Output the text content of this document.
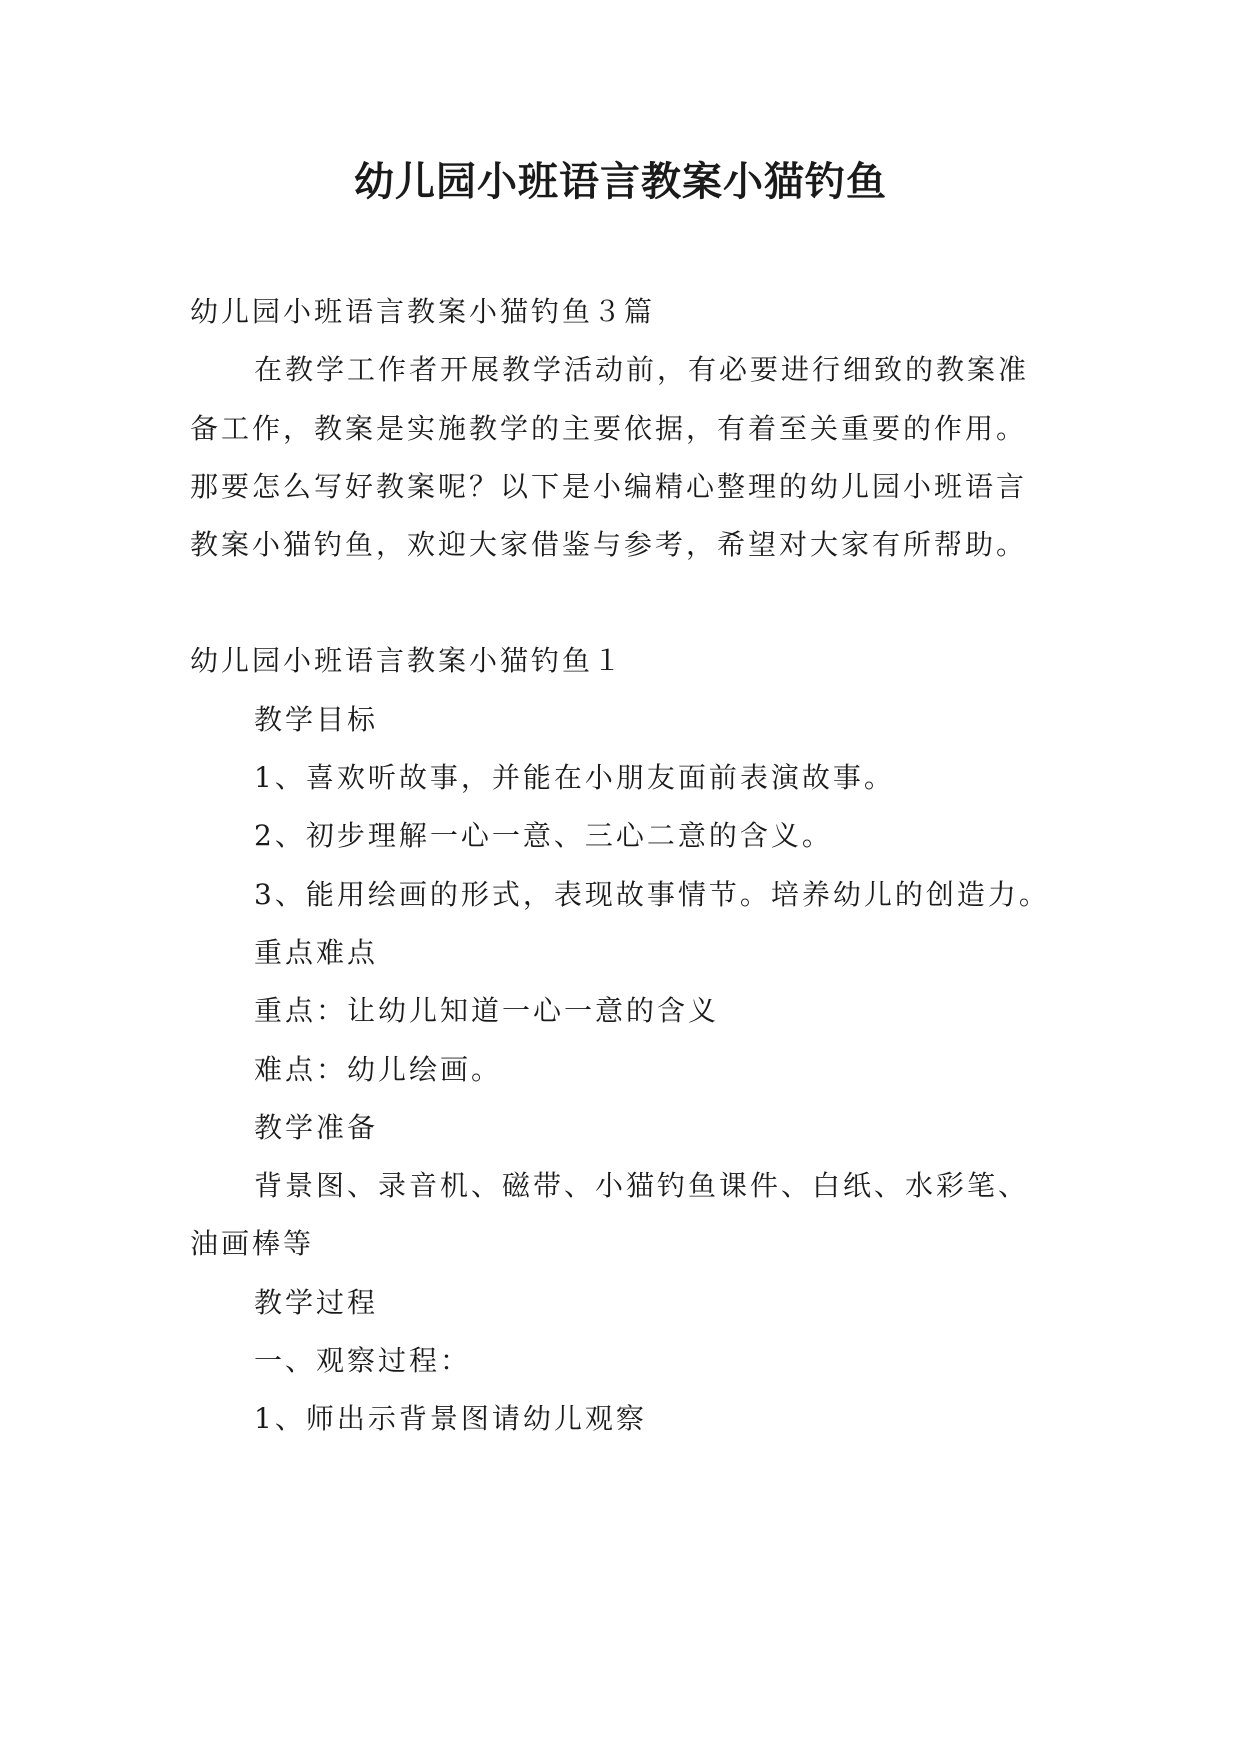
幼儿园小班语言教案小猫钓鱼

幼儿园小班语言教案小猫钓鱼３篇

在教学工作者开展教学活动前，有必要进行细致的教案准备工作，教案是实施教学的主要依据，有着至关重要的作用。那要怎么写好教案呢？以下是小编精心整理的幼儿园小班语言教案小猫钓鱼，欢迎大家借鉴与参考，希望对大家有所帮助。

幼儿园小班语言教案小猫钓鱼１

教学目标

1、喜欢听故事，并能在小朋友面前表演故事。

2、初步理解一心一意、三心二意的含义。

3、能用绘画的形式，表现故事情节。培养幼儿的创造力。

重点难点

重点：让幼儿知道一心一意的含义

难点：幼儿绘画。

教学准备

背景图、录音机、磁带、小猫钓鱼课件、白纸、水彩笔、油画棒等

教学过程

一、观察过程：

1、师出示背景图请幼儿观察
